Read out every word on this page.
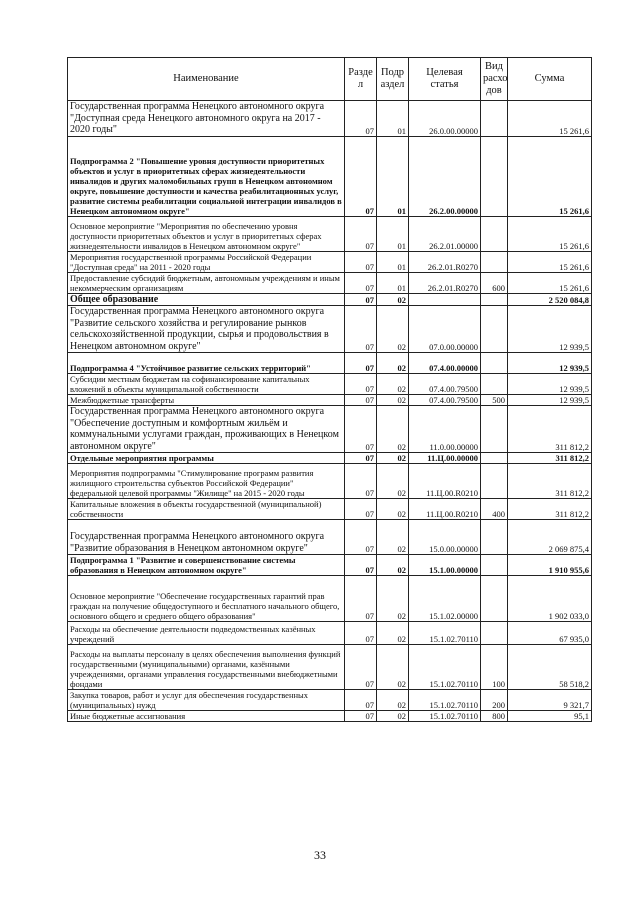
Наименование	Разде л	Подр аздел	Целевая статья	Вид расхо дов	Сумма
Государственная программа Ненецкого автономного округа "Доступная среда Ненецкого автономного округа на 2017 - 2020 годы"	07	01	26.0.00.00000		15 261,6
Подпрограмма 2 "Повышение уровня доступности приоритетных объектов и услуг в приоритетных сферах жизнедеятельности инвалидов и других маломобильных групп в Ненецком автономном округе, повышение доступности и качества реабилитационных услуг, развитие системы реабилитации социальной интеграции инвалидов в Ненецком автономном округе"	07	01	26.2.00.00000		15 261,6
Основное мероприятие "Мероприятия по обеспечению уровня доступности приоритетных объектов и услуг в приоритетных сферах жизнедеятельности инвалидов в Ненецком автономном округе"	07	01	26.2.01.00000		15 261,6
Мероприятия государственной программы Российской Федерации "Доступная среда" на 2011 - 2020 годы	07	01	26.2.01.R0270		15 261,6
Предоставление субсидий бюджетным, автономным учреждениям и иным некоммерческим организациям	07	01	26.2.01.R0270	600	15 261,6
Общее образование	07	02			2 520 084,8
Государственная программа Ненецкого автономного округа "Развитие сельского хозяйства и регулирование рынков сельскохозяйственной продукции, сырья и продовольствия в Ненецком автономном округе"	07	02	07.0.00.00000		12 939,5
Подпрограмма 4 "Устойчивое развитие сельских территорий"	07	02	07.4.00.00000		12 939,5
Субсидии местным бюджетам на софинансирование капитальных вложений в объекты муниципальной собственности	07	02	07.4.00.79500		12 939,5
Межбюджетные трансферты	07	02	07.4.00.79500	500	12 939,5
Государственная программа Ненецкого автономного округа "Обеспечение доступным и комфортным жильём и коммунальными услугами граждан, проживающих в Ненецком автономном округе"	07	02	11.0.00.00000		311 812,2
Отдельные мероприятия программы	07	02	11.Ц.00.00000		311 812,2
Мероприятия подпрограммы "Стимулирование программ развития жилищного строительства субъектов Российской Федерации" федеральной целевой программы "Жилище" на 2015 - 2020 годы	07	02	11.Ц.00.R0210		311 812,2
Капитальные вложения в объекты государственной (муниципальной) собственности	07	02	11.Ц.00.R0210	400	311 812,2
Государственная программа Ненецкого автономного округа "Развитие образования в Ненецком автономном округе"	07	02	15.0.00.00000		2 069 875,4
Подпрограмма 1 "Развитие и совершенствование системы образования в Ненецком автономном округе"	07	02	15.1.00.00000		1 910 955,6
Основное мероприятие "Обеспечение государственных гарантий прав граждан на получение общедоступного и бесплатного начального общего, основного общего и среднего общего образования"	07	02	15.1.02.00000		1 902 033,0
Расходы на обеспечение деятельности подведомственных казённых учреждений	07	02	15.1.02.70110		67 935,0
Расходы на выплаты персоналу в целях обеспечения выполнения функций государственными (муниципальными) органами, казёнными учреждениями, органами управления государственными внебюджетными фондами	07	02	15.1.02.70110	100	58 518,2
Закупка товаров, работ и услуг для обеспечения государственных (муниципальных) нужд	07	02	15.1.02.70110	200	9 321,7
Иные бюджетные ассигнования	07	02	15.1.02.70110	800	95,1
33
